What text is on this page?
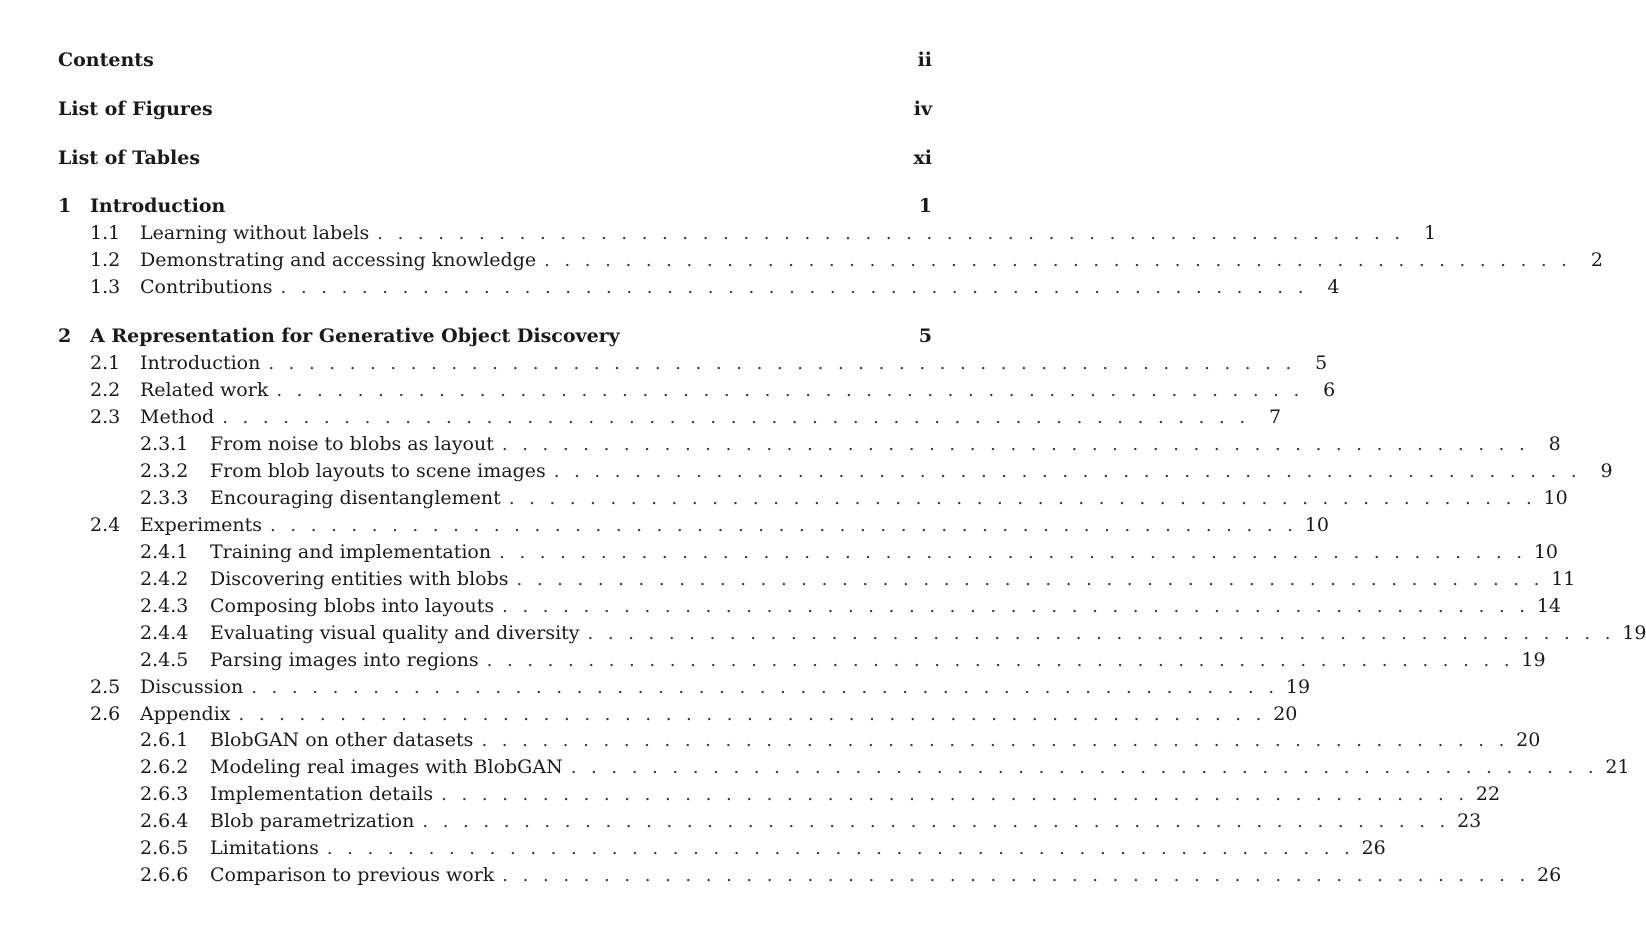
Contents	ii
List of Figures	iv
List of Tables	xi
1 Introduction	1
1.1	Learning without labels . . . . . . . . . . . . . . . . . . . . . . . . . . . . . . . . . . . . . . . . . . . . . . . . . . .	1
1.2	Demonstrating and accessing knowledge . . . . . . . . . . . . . . . . . . . . . . . . . . . . . . . . . . . . . . . . . . . . . . . . . . .	2
1.3	Contributions . . . . . . . . . . . . . . . . . . . . . . . . . . . . . . . . . . . . . . . . . . . . . . . . . . .	4
2 A Representation for Generative Object Discovery	5
2.1	Introduction . . . . . . . . . . . . . . . . . . . . . . . . . . . . . . . . . . . . . . . . . . . . . . . . . . .	5
2.2	Related work . . . . . . . . . . . . . . . . . . . . . . . . . . . . . . . . . . . . . . . . . . . . . . . . . . .	6
2.3	Method . . . . . . . . . . . . . . . . . . . . . . . . . . . . . . . . . . . . . . . . . . . . . . . . . . .	7
2.3.1	From noise to blobs as layout . . . . . . . . . . . . . . . . . . . . . . . . . . . . . . . . . . . . . . . . . . . . . . . . . . .	8
2.3.2	From blob layouts to scene images . . . . . . . . . . . . . . . . . . . . . . . . . . . . . . . . . . . . . . . . . . . . . . . . . . .	9
2.3.3	Encouraging disentanglement . . . . . . . . . . . . . . . . . . . . . . . . . . . . . . . . . . . . . . . . . . . . . . . . . . . 10
2.4	Experiments . . . . . . . . . . . . . . . . . . . . . . . . . . . . . . . . . . . . . . . . . . . . . . . . . . . 10
2.4.1	Training and implementation . . . . . . . . . . . . . . . . . . . . . . . . . . . . . . . . . . . . . . . . . . . . . . . . . . . 10
2.4.2	Discovering entities with blobs . . . . . . . . . . . . . . . . . . . . . . . . . . . . . . . . . . . . . . . . . . . . . . . . . . . 11
2.4.3	Composing blobs into layouts . . . . . . . . . . . . . . . . . . . . . . . . . . . . . . . . . . . . . . . . . . . . . . . . . . . 14
2.4.4	Evaluating visual quality and diversity . . . . . . . . . . . . . . . . . . . . . . . . . . . . . . . . . . . . . . . . . . . . . . . . . . . 19
2.4.5	Parsing images into regions . . . . . . . . . . . . . . . . . . . . . . . . . . . . . . . . . . . . . . . . . . . . . . . . . . . 19
2.5	Discussion . . . . . . . . . . . . . . . . . . . . . . . . . . . . . . . . . . . . . . . . . . . . . . . . . . . 19
2.6	Appendix . . . . . . . . . . . . . . . . . . . . . . . . . . . . . . . . . . . . . . . . . . . . . . . . . . . 20
2.6.1	BlobGAN on other datasets . . . . . . . . . . . . . . . . . . . . . . . . . . . . . . . . . . . . . . . . . . . . . . . . . . . 20
2.6.2	Modeling real images with BlobGAN . . . . . . . . . . . . . . . . . . . . . . . . . . . . . . . . . . . . . . . . . . . . . . . . . . . 21
2.6.3	Implementation details . . . . . . . . . . . . . . . . . . . . . . . . . . . . . . . . . . . . . . . . . . . . . . . . . . . 22
2.6.4	Blob parametrization . . . . . . . . . . . . . . . . . . . . . . . . . . . . . . . . . . . . . . . . . . . . . . . . . . . 23
2.6.5	Limitations . . . . . . . . . . . . . . . . . . . . . . . . . . . . . . . . . . . . . . . . . . . . . . . . . . . 26
2.6.6	Comparison to previous work . . . . . . . . . . . . . . . . . . . . . . . . . . . . . . . . . . . . . . . . . . . . . . . . . . . 26
